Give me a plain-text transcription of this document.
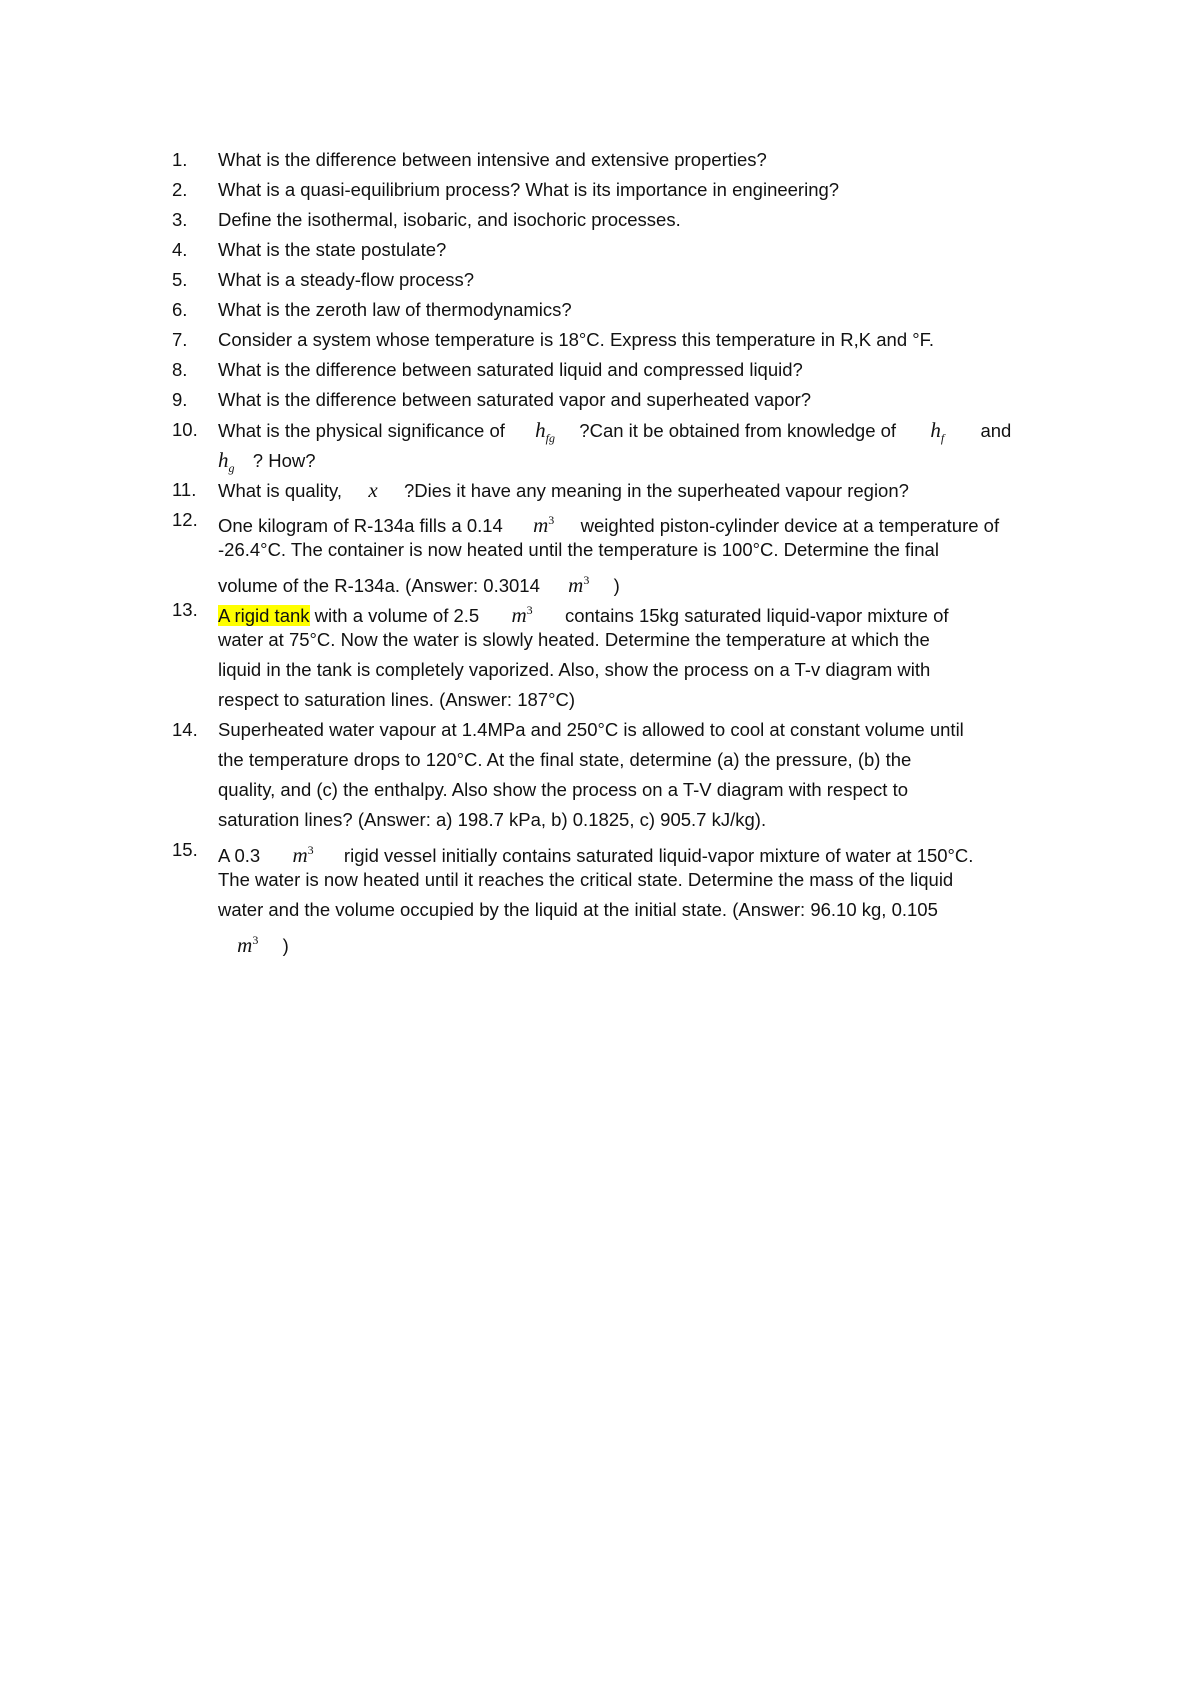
1.	What is the difference between intensive and extensive properties?
2.	What is a quasi-equilibrium process? What is its importance in engineering?
3.	Define the isothermal, isobaric, and isochoric processes.
4.	What is the state postulate?
5.	What is a steady-flow process?
6.	What is the zeroth law of thermodynamics?
7.	Consider a system whose temperature is 18°C. Express this temperature in R,K and °F.
8.	What is the difference between saturated liquid and compressed liquid?
9.	What is the difference between saturated vapor and superheated vapor?
10.	What is the physical significance of $h_{fg}$ ?Can it be obtained from knowledge of $h_f$ and
$h_g$ ? How?
11.	What is quality, x ?Dies it have any meaning in the superheated vapour region?
12.	One kilogram of R-134a fills a 0.14 $m^3$ weighted piston-cylinder device at a temperature of
-26.4°C. The container is now heated until the temperature is 100°C. Determine the final
volume of the R-134a. (Answer: 0.3014 $m^3$ )
13.	A rigid tank with a volume of 2.5 $m^3$ contains 15kg saturated liquid-vapor mixture of
water at 75°C. Now the water is slowly heated. Determine the temperature at which the
liquid in the tank is completely vaporized. Also, show the process on a T-v diagram with
respect to saturation lines. (Answer: 187°C)
14.	Superheated water vapour at 1.4MPa and 250°C is allowed to cool at constant volume until
the temperature drops to 120°C. At the final state, determine (a) the pressure, (b) the
quality, and (c) the enthalpy. Also show the process on a T-V diagram with respect to
saturation lines? (Answer: a) 198.7 kPa, b) 0.1825, c) 905.7 kJ/kg).
15.	A 0.3 $m^3$ rigid vessel initially contains saturated liquid-vapor mixture of water at 150°C.
The water is now heated until it reaches the critical state. Determine the mass of the liquid
water and the volume occupied by the liquid at the initial state. (Answer: 96.10 kg, 0.105
$m^3$ )
